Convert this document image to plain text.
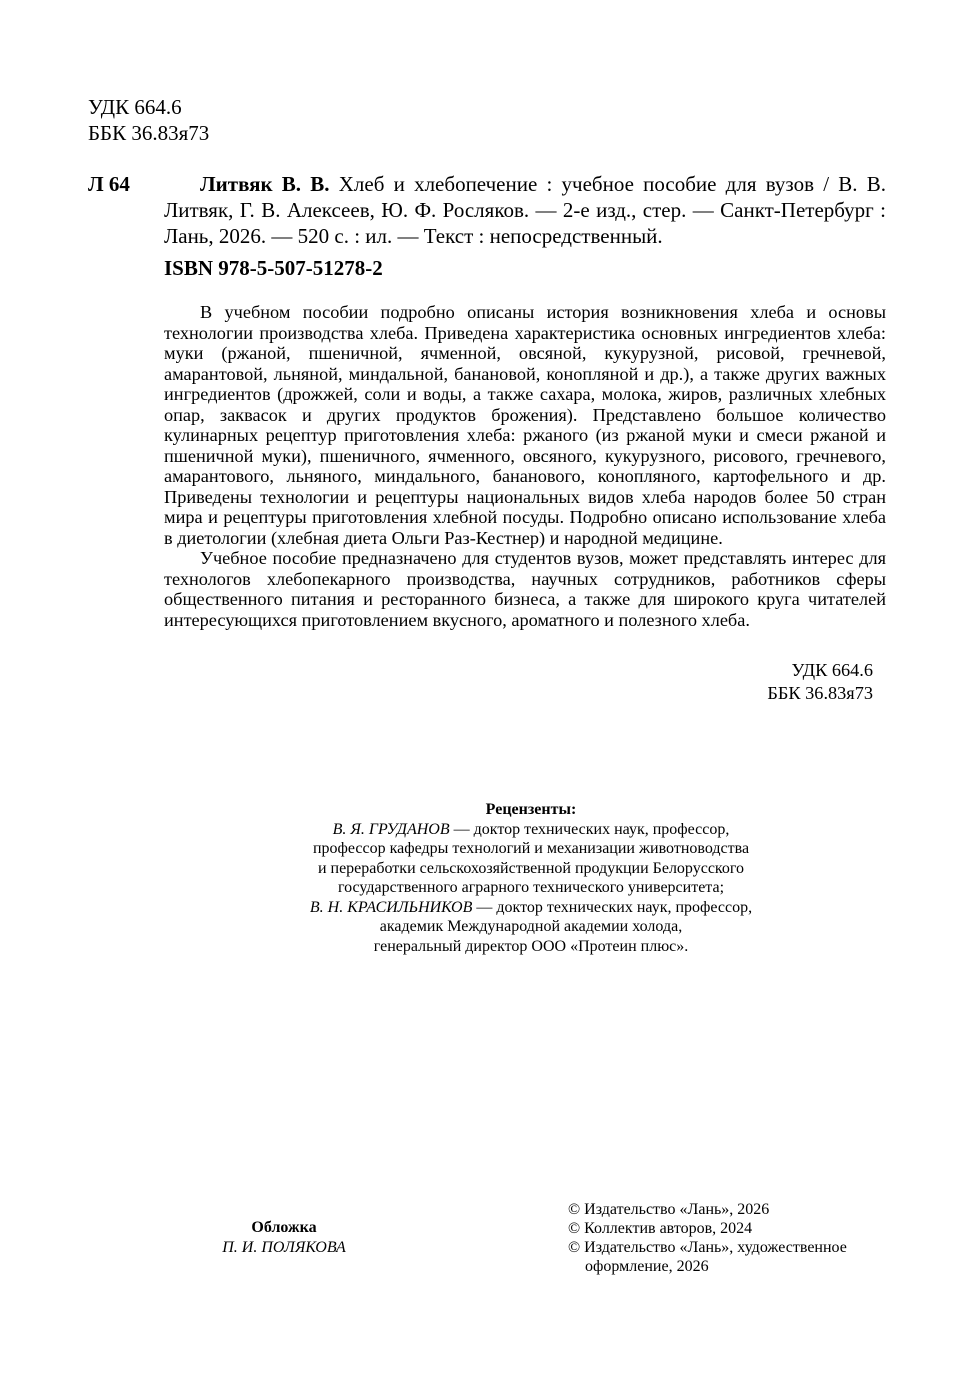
УДК 664.6
ББК 36.83я73
Л 64	Литвяк В. В. Хлеб и хлебопечение : учебное пособие для вузов / В. В. Литвяк, Г. В. Алексеев, Ю. Ф. Росляков. — 2-е изд., стер. — Санкт-Петербург : Лань, 2026. — 520 с. : ил. — Текст : непосредственный.
ISBN 978-5-507-51278-2

В учебном пособии подробно описаны история возникновения хлеба и основы технологии производства хлеба. Приведена характеристика основных ингредиентов хлеба: муки (ржаной, пшеничной, ячменной, овсяной, кукурузной, рисовой, гречневой, амарантовой, льняной, миндальной, банановой, конопляной и др.), а также других важных ингредиентов (дрожжей, соли и воды, а также сахара, молока, жиров, различных хлебных опар, заквасок и других продуктов брожения). Представлено большое количество кулинарных рецептур приготовления хлеба: ржаного (из ржаной муки и смеси ржаной и пшеничной муки), пшеничного, ячменного, овсяного, кукурузного, рисового, гречневого, амарантового, льняного, миндального, бананового, конопляного, картофельного и др. Приведены технологии и рецептуры национальных видов хлеба народов более 50 стран мира и рецептуры приготовления хлебной посуды. Подробно описано использование хлеба в диетологии (хлебная диета Ольги Раз-Кестнер) и народной медицине.

Учебное пособие предназначено для студентов вузов, может представлять интерес для технологов хлебопекарного производства, научных сотрудников, работников сферы общественного питания и ресторанного бизнеса, а также для широкого круга читателей интересующихся приготовлением вкусного, ароматного и полезного хлеба.

УДК 664.6
ББК 36.83я73
Рецензенты:
В. Я. ГРУДАНОВ — доктор технических наук, профессор,
профессор кафедры технологий и механизации животноводства
и переработки сельскохозяйственной продукции Белорусского
государственного аграрного технического университета;
В. Н. КРАСИЛЬНИКОВ — доктор технических наук, профессор,
академик Международной академии холода,
генеральный директор ООО «Протеин плюс».
Обложка
П. И. ПОЛЯКОВА
© Издательство «Лань», 2026
© Коллектив авторов, 2024
© Издательство «Лань», художественное
оформление, 2026
